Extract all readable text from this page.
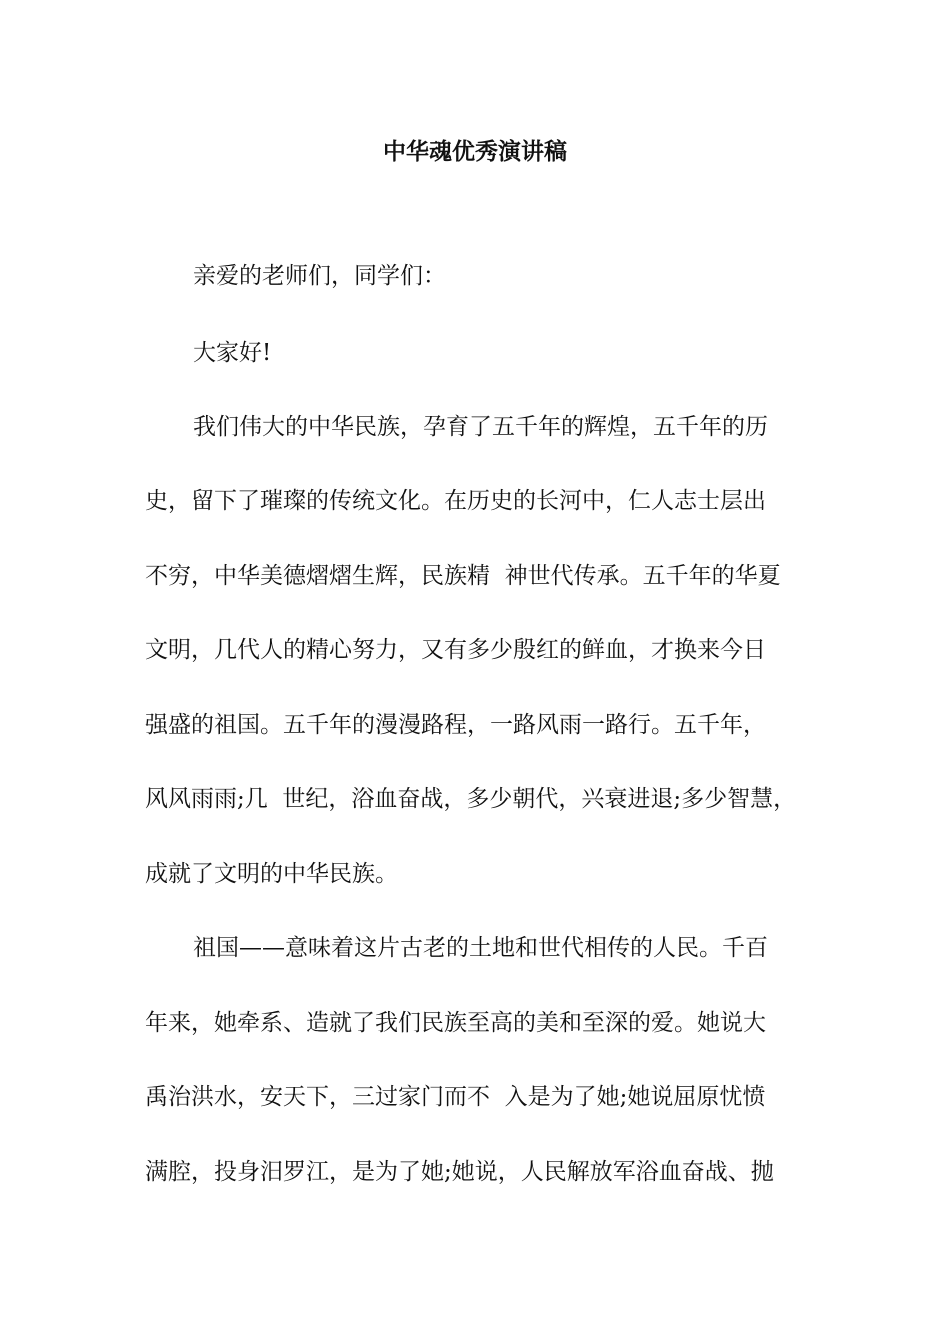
中华魂优秀演讲稿
亲爱的老师们，同学们：
大家好!
我们伟大的中华民族，孕育了五千年的辉煌，五千年的历
史，留下了璀璨的传统文化。在历史的长河中，仁人志士层出
不穷，中华美德熠熠生辉，民族精  神世代传承。五千年的华夏
文明，几代人的精心努力，又有多少殷红的鲜血，才换来今日
强盛的祖国。五千年的漫漫路程，一路风雨一路行。五千年，
风风雨雨;几  世纪，浴血奋战，多少朝代，兴衰进退;多少智慧，
成就了文明的中华民族。
祖国——意味着这片古老的土地和世代相传的人民。千百
年来，她牵系、造就了我们民族至高的美和至深的爱。她说大
禹治洪水，安天下，三过家门而不  入是为了她;她说屈原忧愤
满腔，投身汨罗江，是为了她;她说，人民解放军浴血奋战、抛
